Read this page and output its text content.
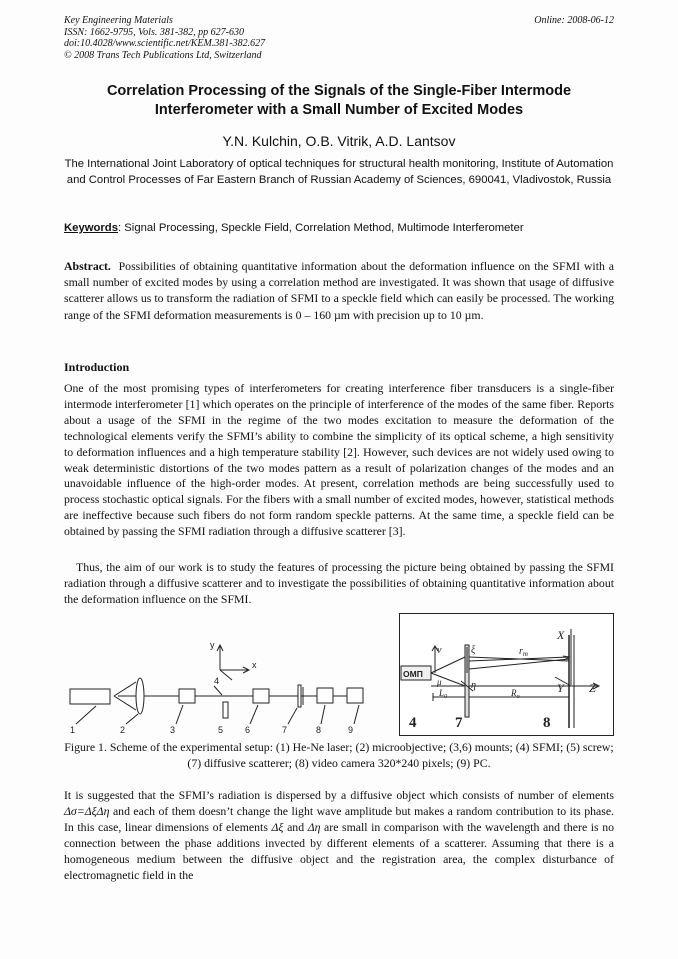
Key Engineering Materials
ISSN: 1662-9795, Vols. 381-382, pp 627-630
doi:10.4028/www.scientific.net/KEM.381-382.627
© 2008 Trans Tech Publications Ltd, Switzerland
Online: 2008-06-12
Correlation Processing of the Signals of the Single-Fiber Intermode Interferometer with a Small Number of Excited Modes
Y.N. Kulchin, O.B. Vitrik, A.D. Lantsov
The International Joint Laboratory of optical techniques for structural health monitoring, Institute of Automation and Control Processes of Far Eastern Branch of Russian Academy of Sciences, 690041, Vladivostok, Russia
Keywords: Signal Processing, Speckle Field, Correlation Method, Multimode Interferometer
Abstract. Possibilities of obtaining quantitative information about the deformation influence on the SFMI with a small number of excited modes by using a correlation method are investigated. It was shown that usage of diffusive scatterer allows us to transform the radiation of SFMI to a speckle field which can easily be processed. The working range of the SFMI deformation measurements is 0 – 160 µm with precision up to 10 µm.
Introduction
One of the most promising types of interferometers for creating interference fiber transducers is a single-fiber intermode interferometer [1] which operates on the principle of interference of the modes of the same fiber. Reports about a usage of the SFMI in the regime of the two modes excitation to measure the deformation of the technological elements verify the SFMI’s ability to combine the simplicity of its optical scheme, a high sensitivity to deformation influences and a high temperature stability [2]. However, such devices are not widely used owing to weak deterministic distortions of the two modes pattern as a result of polarization changes of the modes and an unavoidable influence of the high-order modes. At present, correlation methods are being successfully used to process stochastic optical signals. For the fibers with a small number of excited modes, however, statistical methods are ineffective because such fibers do not form random speckle patterns. At the same time, a speckle field can be obtained by passing the SFMI radiation through a diffusive scatterer [3].
Thus, the aim of our work is to study the features of processing the picture being obtained by passing the SFMI radiation through a diffusive scatterer and to investigate the possibilities of obtaining quantitative information about the deformation influence on the SFMI.
y
x
1	2	3
4
5 6	7	8	9
ОМП
ν
μ
ξ
η
$r_m$
$L_0$	$R_o$
X
Y Z
4	7	8
Figure 1. Scheme of the experimental setup: (1) He-Ne laser; (2) microobjective; (3,6) mounts; (4) SFMI; (5) screw; (7) diffusive scatterer; (8) video camera 320*240 pixels; (9) PC.
It is suggested that the SFMI’s radiation is dispersed by a diffusive object which consists of number of elements Δσ=ΔξΔη and each of them doesn’t change the light wave amplitude but makes a random contribution to its phase. In this case, linear dimensions of elements Δξ and Δη are small in comparison with the wavelength and there is no connection between the phase additions invected by different elements of a scatterer. Assuming that there is a homogeneous medium between the diffusive object and the registration area, the complex disturbance of electromagnetic field in the
